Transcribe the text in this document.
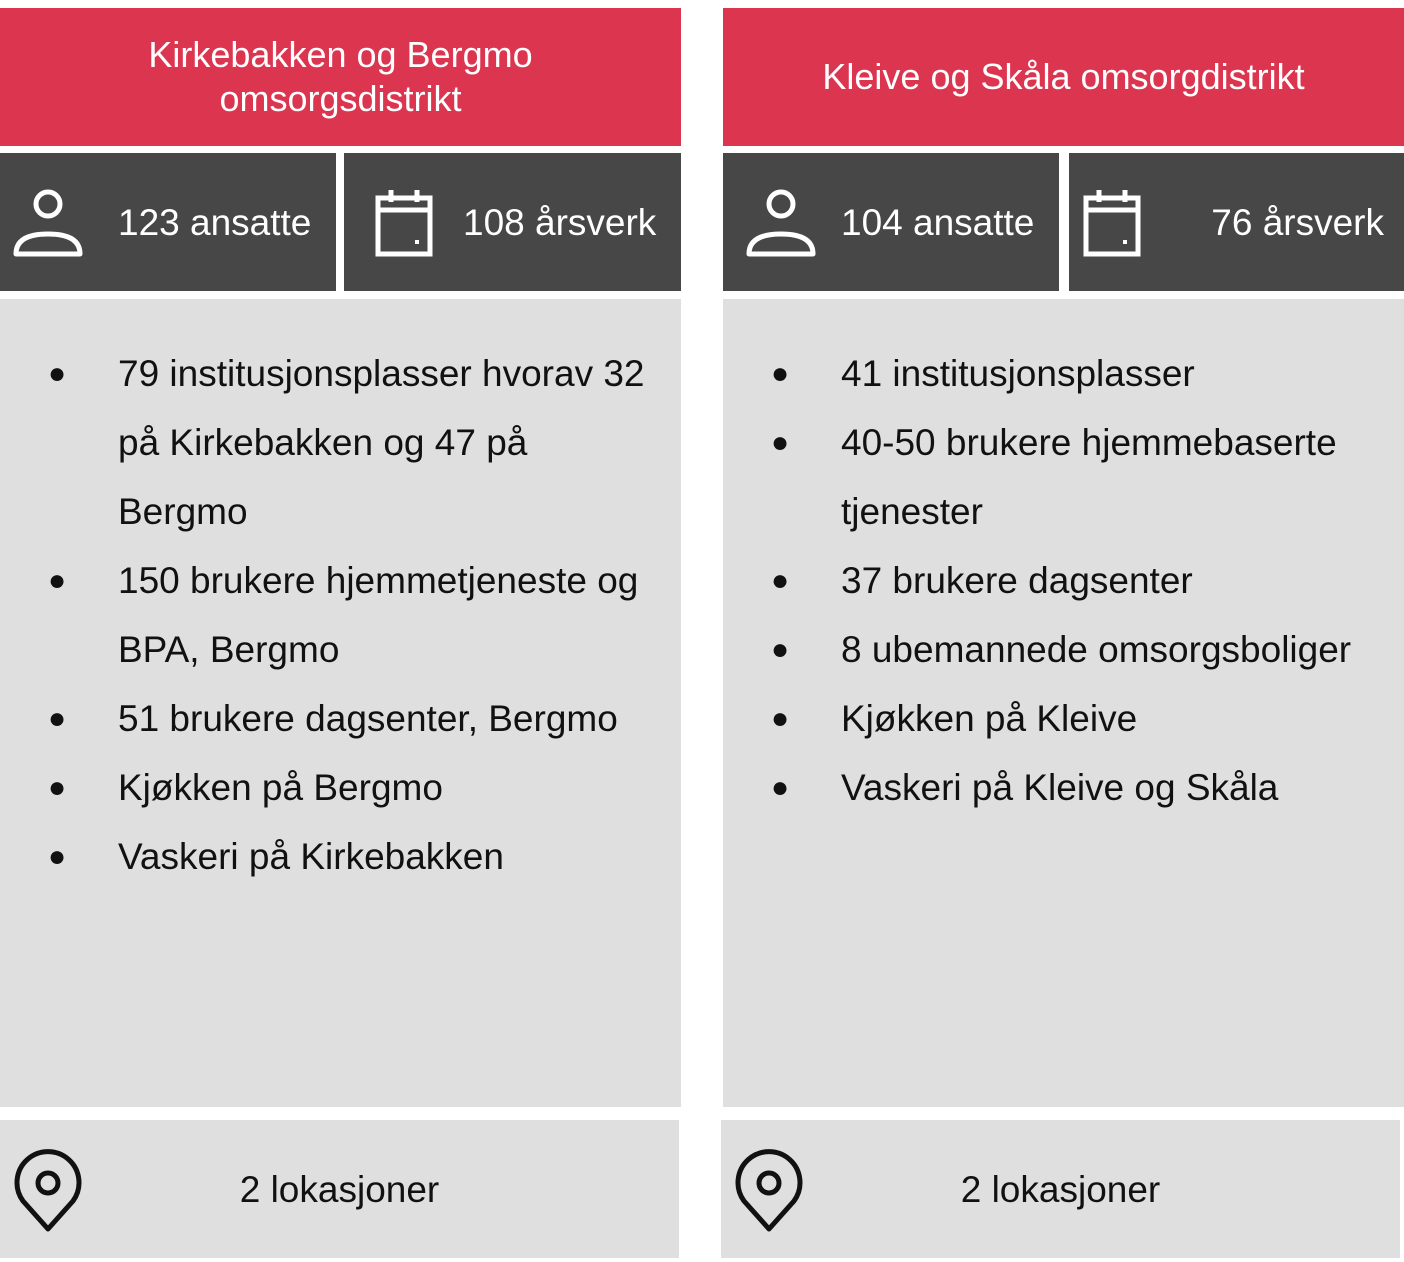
Kirkebakken og Bergmo omsorgsdistrikt
123 ansatte	108 årsverk
● 79 institusjonsplasser hvorav 32 på Kirkebakken og 47 på Bergmo
● 150 brukere hjemmetjeneste og BPA, Bergmo
● 51 brukere dagsenter, Bergmo
● Kjøkken på Bergmo
● Vaskeri på Kirkebakken
2 lokasjoner
Kleive og Skåla omsorgdistrikt
104 ansatte	76 årsverk
● 41 institusjonsplasser
● 40-50 brukere hjemmebaserte tjenester
● 37 brukere dagsenter
● 8 ubemannede omsorgsboliger
● Kjøkken på Kleive
● Vaskeri på Kleive og Skåla
2 lokasjoner
